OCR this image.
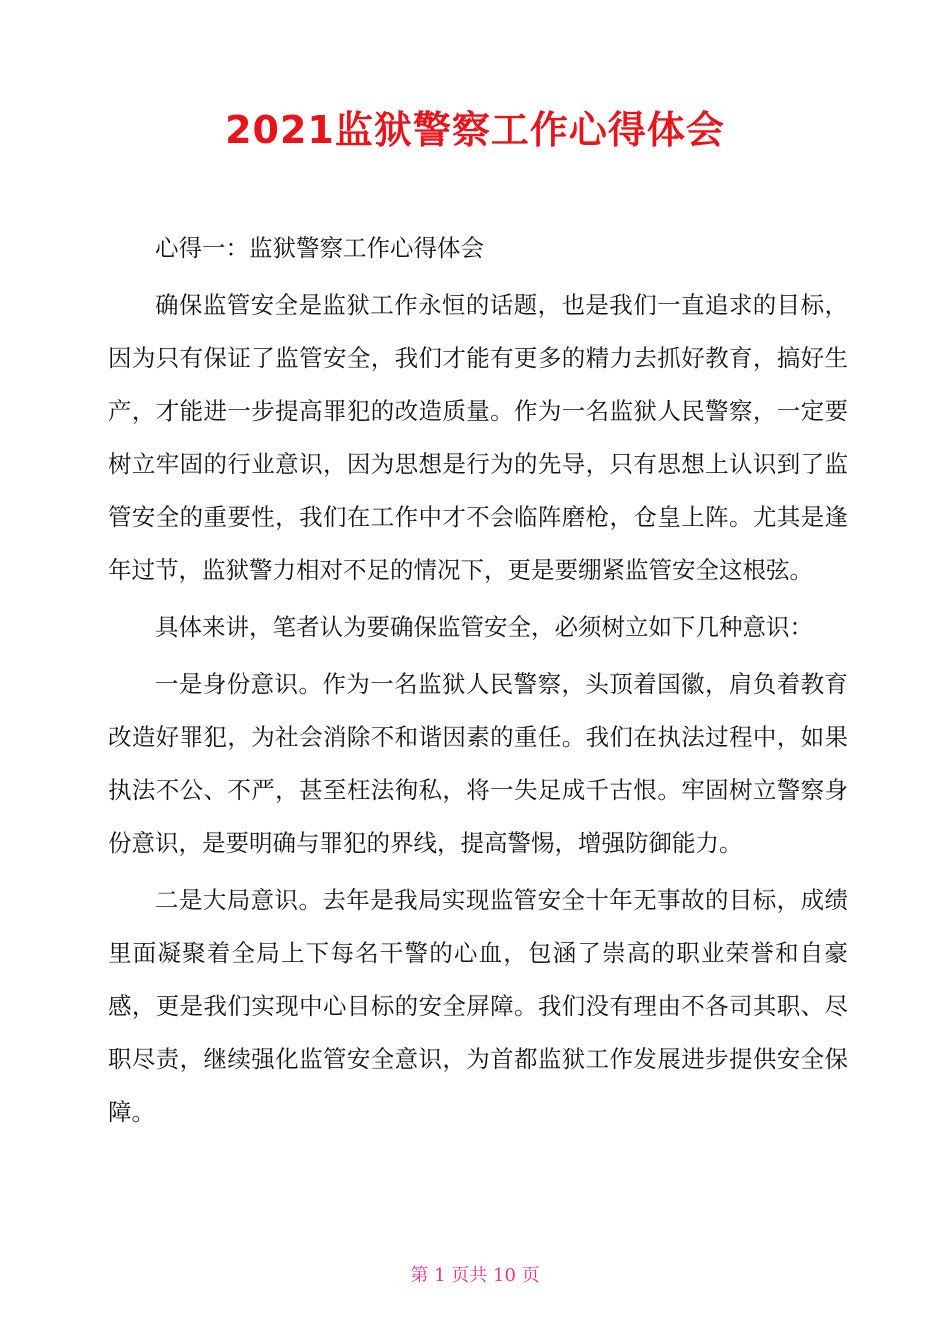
2021监狱警察工作心得体会

心得一：监狱警察工作心得体会

确保监管安全是监狱工作永恒的话题，也是我们一直追求的目标，因为只有保证了监管安全，我们才能有更多的精力去抓好教育，搞好生产，才能进一步提高罪犯的改造质量。作为一名监狱人民警察，一定要树立牢固的行业意识，因为思想是行为的先导，只有思想上认识到了监管安全的重要性，我们在工作中才不会临阵磨枪，仓皇上阵。尤其是逢年过节，监狱警力相对不足的情况下，更是要绷紧监管安全这根弦。

具体来讲，笔者认为要确保监管安全，必须树立如下几种意识：

一是身份意识。作为一名监狱人民警察，头顶着国徽，肩负着教育改造好罪犯，为社会消除不和谐因素的重任。我们在执法过程中，如果执法不公、不严，甚至枉法徇私，将一失足成千古恨。牢固树立警察身份意识，是要明确与罪犯的界线，提高警惕，增强防御能力。

二是大局意识。去年是我局实现监管安全十年无事故的目标，成绩里面凝聚着全局上下每名干警的心血，包涵了崇高的职业荣誉和自豪感，更是我们实现中心目标的安全屏障。我们没有理由不各司其职、尽职尽责，继续强化监管安全意识，为首都监狱工作发展进步提供安全保障。

第 1 页共 10 页
